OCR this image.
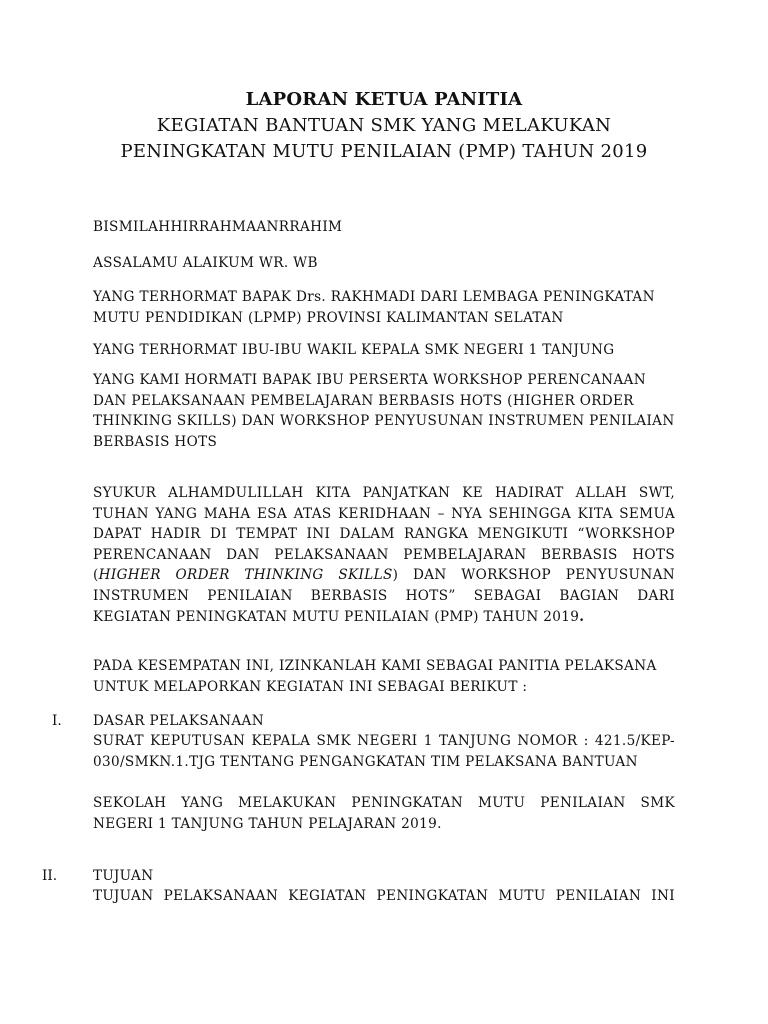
LAPORAN KETUA PANITIA
KEGIATAN BANTUAN SMK YANG MELAKUKAN
PENINGKATAN MUTU PENILAIAN (PMP) TAHUN 2019
BISMILAHHIRRAHMAANRRAHIM
ASSALAMU ALAIKUM WR. WB
YANG TERHORMAT BAPAK Drs. RAKHMADI DARI LEMBAGA PENINGKATAN MUTU PENDIDIKAN (LPMP) PROVINSI KALIMANTAN SELATAN
YANG TERHORMAT IBU-IBU WAKIL KEPALA SMK NEGERI 1 TANJUNG
YANG KAMI HORMATI BAPAK IBU PERSERTA WORKSHOP PERENCANAAN DAN PELAKSANAAN PEMBELAJARAN BERBASIS HOTS (HIGHER ORDER THINKING SKILLS) DAN WORKSHOP PENYUSUNAN INSTRUMEN PENILAIAN BERBASIS HOTS
SYUKUR ALHAMDULILLAH KITA PANJATKAN KE HADIRAT ALLAH SWT, TUHAN YANG MAHA ESA ATAS KERIDHAAN – NYA SEHINGGA KITA SEMUA DAPAT HADIR DI TEMPAT INI DALAM RANGKA MENGIKUTI “WORKSHOP PERENCANAAN DAN PELAKSANAAN PEMBELAJARAN BERBASIS HOTS (HIGHER ORDER THINKING SKILLS) DAN WORKSHOP PENYUSUNAN INSTRUMEN PENILAIAN BERBASIS HOTS” SEBAGAI BAGIAN DARI KEGIATAN PENINGKATAN MUTU PENILAIAN (PMP) TAHUN 2019.
PADA KESEMPATAN INI, IZINKANLAH KAMI SEBAGAI PANITIA PELAKSANA UNTUK MELAPORKAN KEGIATAN INI SEBAGAI BERIKUT :
I. DASAR PELAKSANAAN
SURAT KEPUTUSAN KEPALA SMK NEGERI 1 TANJUNG NOMOR : 421.5/KEP-030/SMKN.1.TJG TENTANG PENGANGKATAN TIM PELAKSANA BANTUAN
SEKOLAH YANG MELAKUKAN PENINGKATAN MUTU PENILAIAN SMK NEGERI 1 TANJUNG TAHUN PELAJARAN 2019.
II.	TUJUAN
TUJUAN PELAKSANAAN KEGIATAN PENINGKATAN MUTU PENILAIAN INI
